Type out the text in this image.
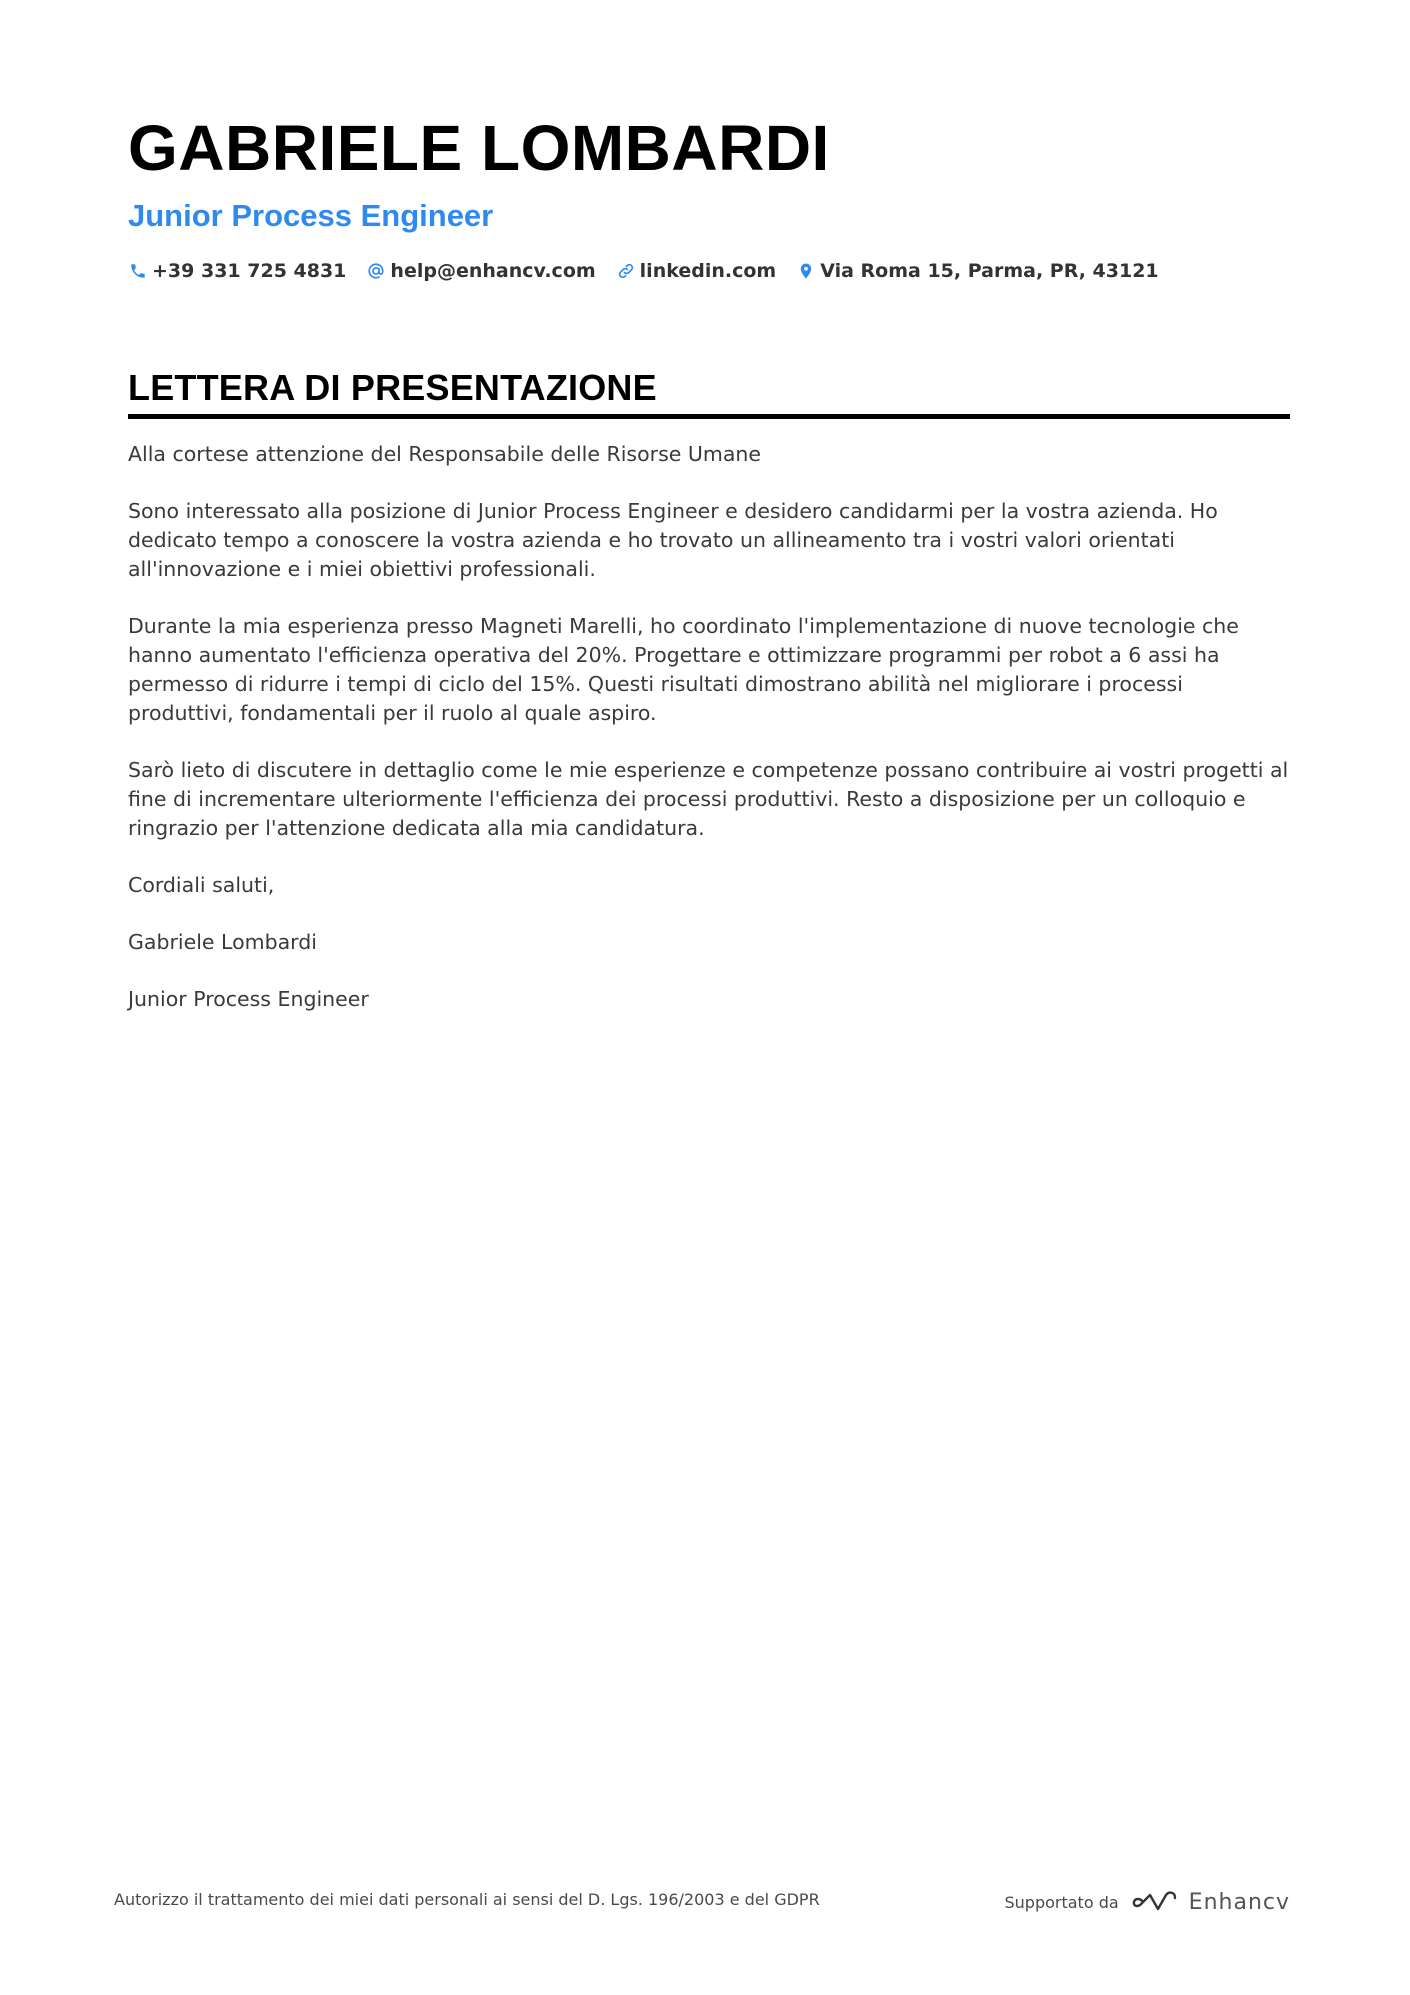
GABRIELE LOMBARDI
Junior Process Engineer
+39 331 725 4831 help@enhancv.com linkedin.com Via Roma 15, Parma, PR, 43121
LETTERA DI PRESENTAZIONE

Alla cortese attenzione del Responsabile delle Risorse Umane

Sono interessato alla posizione di Junior Process Engineer e desidero candidarmi per la vostra azienda. Ho dedicato tempo a conoscere la vostra azienda e ho trovato un allineamento tra i vostri valori orientati all'innovazione e i miei obiettivi professionali.

Durante la mia esperienza presso Magneti Marelli, ho coordinato l'implementazione di nuove tecnologie che hanno aumentato l'efficienza operativa del 20%. Progettare e ottimizzare programmi per robot a 6 assi ha permesso di ridurre i tempi di ciclo del 15%. Questi risultati dimostrano abilità nel migliorare i processi produttivi, fondamentali per il ruolo al quale aspiro.

Sarò lieto di discutere in dettaglio come le mie esperienze e competenze possano contribuire ai vostri progetti al fine di incrementare ulteriormente l'efficienza dei processi produttivi. Resto a disposizione per un colloquio e ringrazio per l'attenzione dedicata alla mia candidatura.

Cordiali saluti,

Gabriele Lombardi

Junior Process Engineer

Autorizzo il trattamento dei miei dati personali ai sensi del D. Lgs. 196/2003 e del GDPR	Supportato da	Enhancv
